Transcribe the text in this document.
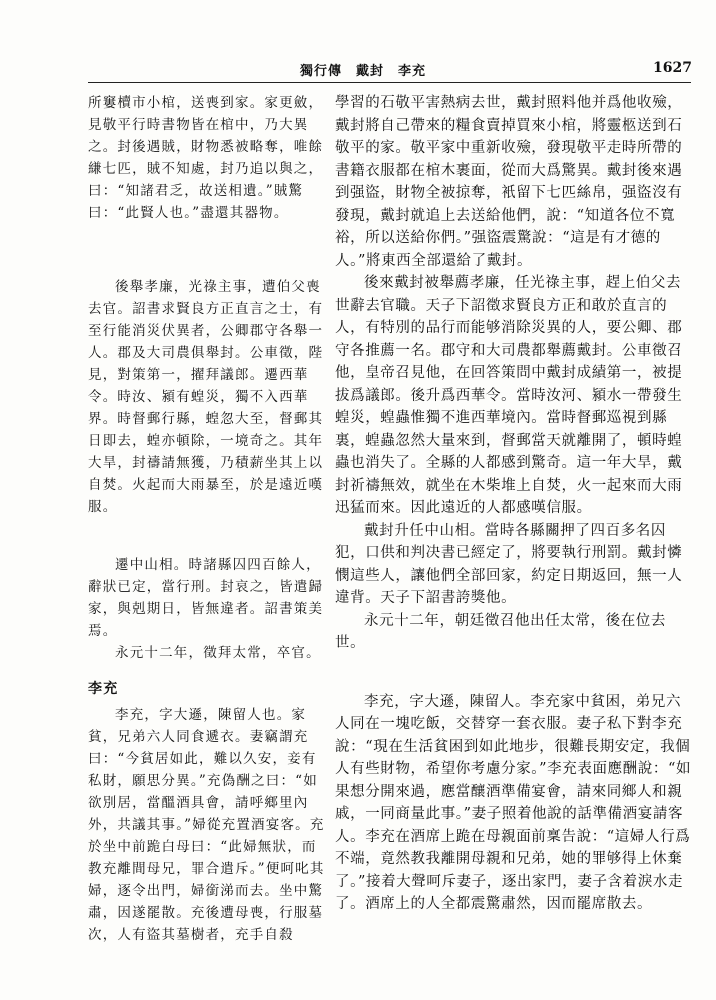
獨行傳　戴封　李充	1627

所窶櫝市小棺，送喪到家。家更斂，見敬平行時書物皆在棺中，乃大異之。封後遇賊，財物悉被略奪，唯餘縑七匹，賊不知處，封乃追以與之，曰：“知諸君乏，故送相遺。”賊驚曰：“此賢人也。”盡還其器物。

後舉孝廉，光祿主事，遭伯父喪去官。詔書求賢良方正直言之士，有至行能消災伏異者，公卿郡守各舉一人。郡及大司農俱舉封。公車徵，陛見，對策第一，擢拜議郎。遷西華令。時汝、潁有蝗災，獨不入西華界。時督郵行縣，蝗忽大至，督郵其日即去，蝗亦頓除，一境奇之。其年大旱，封禱請無獲，乃積薪坐其上以自焚。火起而大雨暴至，於是遠近嘆服。

遷中山相。時諸縣囚四百餘人，辭狀已定，當行刑。封哀之，皆遣歸家，與剋期日，皆無違者。詔書策美焉。

永元十二年，徵拜太常，卒官。

李充

李充，字大遜，陳留人也。家貧，兄弟六人同食遞衣。妻竊謂充曰：“今貧居如此，難以久安，妾有私財，願思分異。”充偽酬之曰：“如欲別居，當醞酒具會，請呼鄉里內外，共議其事。”婦從充置酒宴客。充於坐中前跪白母曰：“此婦無狀，而教充離間母兄，罪合遣斥。”便呵叱其婦，逐令出門，婦銜涕而去。坐中驚肅，因遂罷散。充後遭母喪，行服墓次，人有盜其墓樹者，充手自殺

學習的石敬平害熱病去世，戴封照料他并爲他收殮，戴封將自己帶來的糧食賣掉買來小棺，將靈柩送到石敬平的家。敬平家中重新收殮，發現敬平走時所帶的書籍衣服都在棺木裹面，從而大爲驚異。戴封後來遇到强盜，財物全被掠奪，衹留下七匹絲帛，强盜沒有發現，戴封就追上去送給他們，說：“知道各位不寬裕，所以送給你們。”强盜震驚說：“這是有才德的人。”將東西全部還給了戴封。

後來戴封被舉薦孝廉，任光祿主事，趕上伯父去世辭去官職。天子下詔徵求賢良方正和敢於直言的人，有特別的品行而能够消除災異的人，要公卿、郡守各推薦一名。郡守和大司農都舉薦戴封。公車徵召他，皇帝召見他，在回答策問中戴封成績第一，被提拔爲議郎。後升爲西華令。當時汝河、潁水一帶發生蝗災，蝗蟲惟獨不進西華境內。當時督郵巡視到縣裏，蝗蟲忽然大量來到，督郵當天就離開了，頓時蝗蟲也消失了。全縣的人都感到驚奇。這一年大旱，戴封祈禱無效，就坐在木柴堆上自焚，火一起來而大雨迅猛而來。因此遠近的人都感嘆信服。

戴封升任中山相。當時各縣關押了四百多名囚犯，口供和判决書已經定了，將要執行刑罰。戴封憐憫這些人，讓他們全部回家，約定日期返回，無一人違背。天子下詔書誇獎他。

永元十二年，朝廷徵召他出任太常，後在位去世。

李充，字大遜，陳留人。李充家中貧困，弟兄六人同在一塊吃飯，交替穿一套衣服。妻子私下對李充說：“現在生活貧困到如此地步，很難長期安定，我個人有些財物，希望你考慮分家。”李充表面應酬說：“如果想分開來過，應當釀酒準備宴會，請來同鄉人和親戚，一同商量此事。”妻子照着他說的話準備酒宴請客人。李充在酒席上跪在母親面前稟告說：“這婦人行爲不端，竟然教我離開母親和兄弟，她的罪够得上休棄了。”接着大聲呵斥妻子，逐出家門，妻子含着淚水走了。酒席上的人全都震驚肅然，因而罷席散去。
